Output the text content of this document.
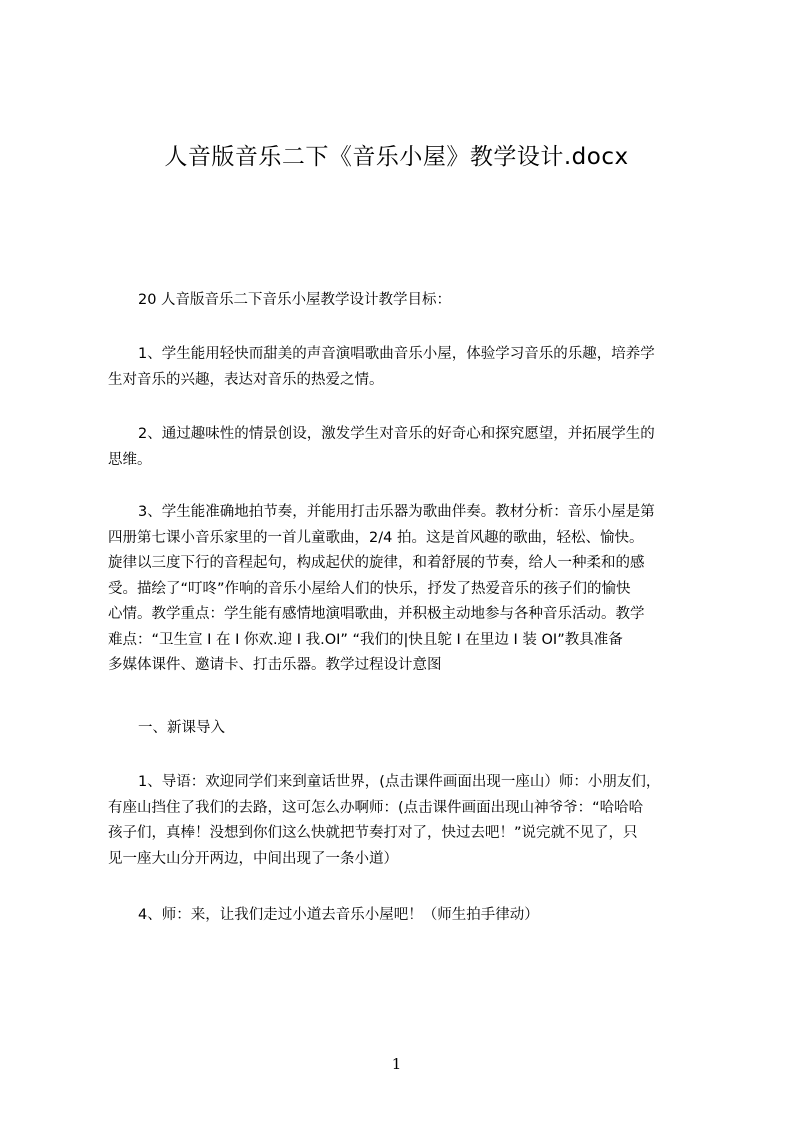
人音版音乐二下《音乐小屋》教学设计.docx
20 人音版音乐二下音乐小屋教学设计教学目标：
1、学生能用轻快而甜美的声音演唱歌曲音乐小屋，体验学习音乐的乐趣，培养学
生对音乐的兴趣，表达对音乐的热爱之情。
2、通过趣味性的情景创设，激发学生对音乐的好奇心和探究愿望，并拓展学生的
思维。
3、学生能准确地拍节奏，并能用打击乐器为歌曲伴奏。教材分析：音乐小屋是第
四册第七课小音乐家里的一首儿童歌曲，2/4 拍。这是首风趣的歌曲，轻松、愉快。
旋律以三度下行的音程起句，构成起伏的旋律，和着舒展的节奏，给人一种柔和的感
受。描绘了“叮咚”作响的音乐小屋给人们的快乐，抒发了热爱音乐的孩子们的愉快
心情。教学重点：学生能有感情地演唱歌曲，并积极主动地参与各种音乐活动。教学
难点：“卫生宣 I 在 I 你欢.迎 I 我.OI” “我们的|快且鸵 I 在里边 I 装 OI”教具准备
多媒体课件、邀请卡、打击乐器。教学过程设计意图
一、新课导入
1、导语：欢迎同学们来到童话世界，(点击课件画面出现一座山）师：小朋友们，
有座山挡住了我们的去路，这可怎么办啊师：(点击课件画面出现山神爷爷：“哈哈哈
孩子们，真棒！没想到你们这么快就把节奏打对了，快过去吧！”说完就不见了，只
见一座大山分开两边，中间出现了一条小道）
4、师：来，让我们走过小道去音乐小屋吧！（师生拍手律动）
1
